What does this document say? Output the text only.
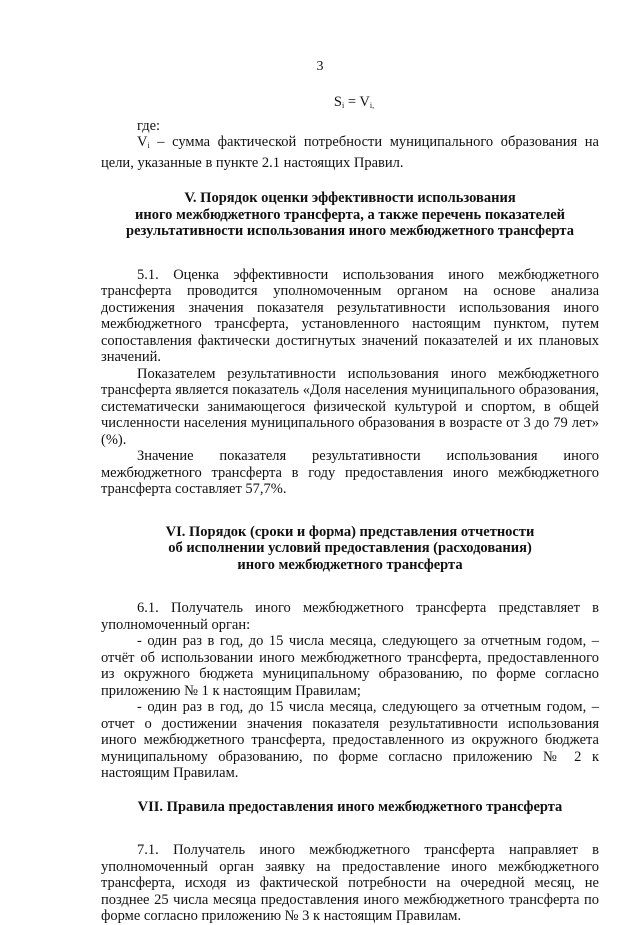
3
$S_i = V_{i,}$

где:

$V_i$ – сумма фактической потребности муниципального образования на цели, указанные в пункте 2.1 настоящих Правил.

V. Порядок оценки эффективности использования
иного межбюджетного трансферта, а также перечень показателей
результативности использования иного межбюджетного трансферта

5.1. Оценка эффективности использования иного межбюджетного трансферта проводится уполномоченным органом на основе анализа достижения значения показателя результативности использования иного межбюджетного трансферта, установленного настоящим пунктом, путем сопоставления фактически достигнутых значений показателей и их плановых значений.

Показателем результативности использования иного межбюджетного трансферта является показатель «Доля населения муниципального образования, систематически занимающегося физической культурой и спортом, в общей численности населения муниципального образования в возрасте от 3 до 79 лет» (%).

Значение показателя результативности использования иного межбюджетного трансферта в году предоставления иного межбюджетного трансферта составляет 57,7%.

VI. Порядок (сроки и форма) представления отчетности
об исполнении условий предоставления (расходования)
иного межбюджетного трансферта

6.1. Получатель иного межбюджетного трансферта представляет в уполномоченный орган:

- один раз в год, до 15 числа месяца, следующего за отчетным годом, – отчёт об использовании иного межбюджетного трансферта, предоставленного из окружного бюджета муниципальному образованию, по форме согласно приложению № 1 к настоящим Правилам;

- один раз в год, до 15 числа месяца, следующего за отчетным годом, – отчет о достижении значения показателя результативности использования иного межбюджетного трансферта, предоставленного из окружного бюджета муниципальному образованию, по форме согласно приложению № 2 к настоящим Правилам.

VII. Правила предоставления иного межбюджетного трансферта

7.1. Получатель иного межбюджетного трансферта направляет в уполномоченный орган заявку на предоставление иного межбюджетного трансферта, исходя из фактической потребности на очередной месяц, не позднее 25 числа месяца предоставления иного межбюджетного трансферта по форме согласно приложению № 3 к настоящим Правилам.
